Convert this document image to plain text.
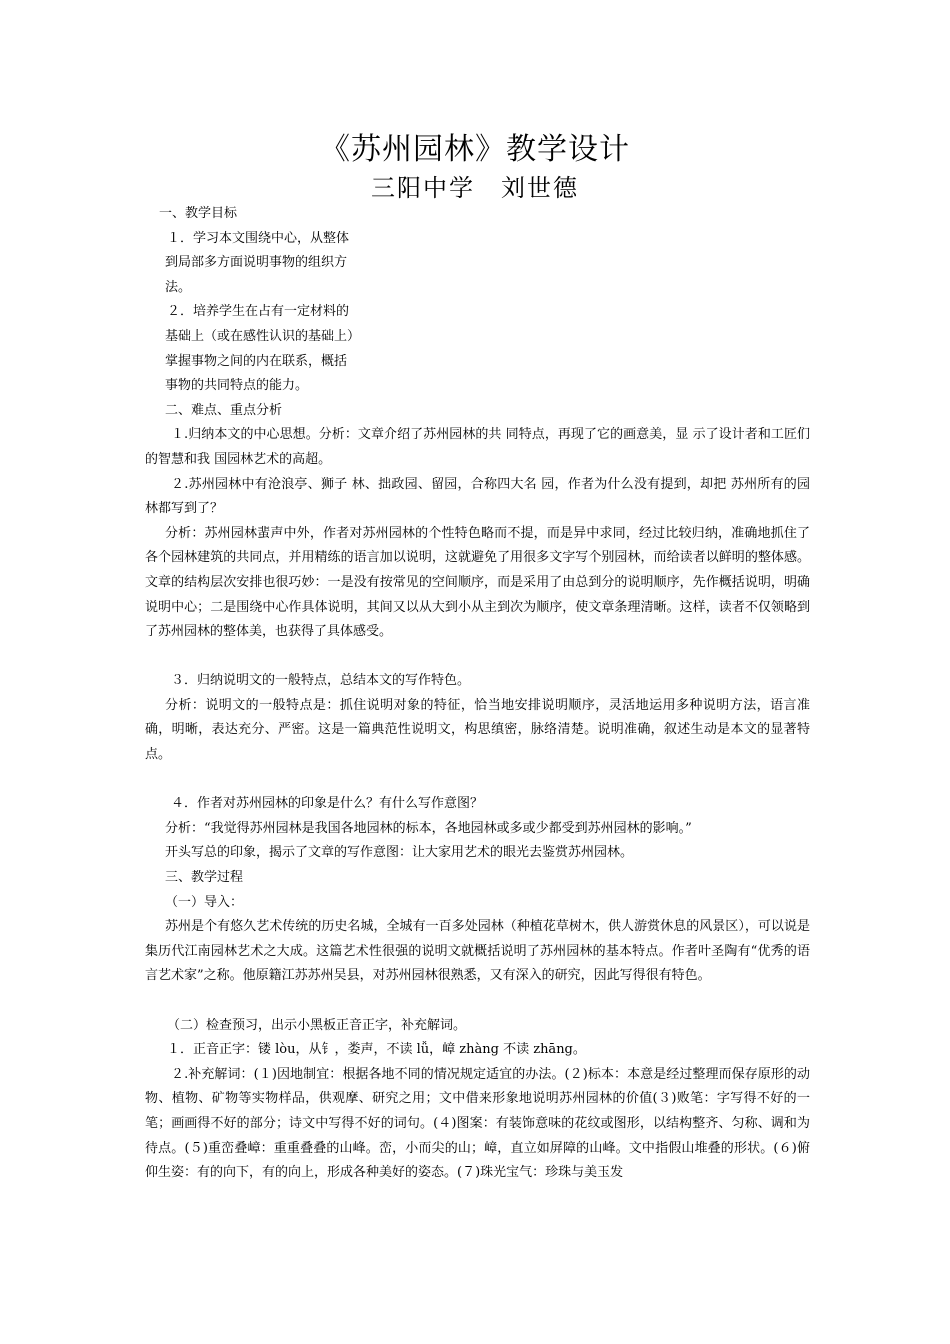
《苏州园林》教学设计
三阳中学　刘世德
一、教学目标
１．学习本文围绕中心，从整体
到局部多方面说明事物的组织方
法。
２．培养学生在占有一定材料的
基础上（或在感性认识的基础上）
掌握事物之间的内在联系，概括
事物的共同特点的能力。
二、难点、重点分析

１.归纳本文的中心思想。分析：文章介绍了苏州园林的共 同特点，再现了它的画意美，显 示了设计者和工匠们的智慧和我 国园林艺术的高超。

２.苏州园林中有沧浪亭、狮子 林、拙政园、留园，合称四大名 园，作者为什么没有提到，却把 苏州所有的园林都写到了？

分析：苏州园林蜚声中外，作者对苏州园林的个性特色略而不提，而是异中求同，经过比较归纳，准确地抓住了各个园林建筑的共同点，并用精练的语言加以说明，这就避免了用很多文字写个别园林，而给读者以鲜明的整体感。文章的结构层次安排也很巧妙：一是没有按常见的空间顺序，而是采用了由总到分的说明顺序，先作概括说明，明确说明中心；二是围绕中心作具体说明，其间又以从大到小从主到次为顺序，使文章条理清晰。这样，读者不仅领略到了苏州园林的整体美，也获得了具体感受。

３．归纳说明文的一般特点，总结本文的写作特色。

分析：说明文的一般特点是：抓住说明对象的特征，恰当地安排说明顺序，灵活地运用多种说明方法，语言准确，明晰，表达充分、严密。这是一篇典范性说明文，构思缜密，脉络清楚。说明准确，叙述生动是本文的显著特点。

４．作者对苏州园林的印象是什么？有什么写作意图？

分析：“我觉得苏州园林是我国各地园林的标本，各地园林或多或少都受到苏州园林的影响。”

开头写总的印象，揭示了文章的写作意图：让大家用艺术的眼光去鉴赏苏州园林。

三、教学过程
（一）导入：

苏州是个有悠久艺术传统的历史名城，全城有一百多处园林（种植花草树木，供人游赏休息的风景区），可以说是集历代江南园林艺术之大成。这篇艺术性很强的说明文就概括说明了苏州园林的基本特点。作者叶圣陶有“优秀的语言艺术家”之称。他原籍江苏苏州吴县，对苏州园林很熟悉，又有深入的研究，因此写得很有特色。

（二）检查预习，出示小黑板正音正字，补充解词。

１．正音正字：镂 lòu，从钅，娄声，不读 lǚ，嶂 zhàng 不读 zhāng。

２.补充解词：(１)因地制宜：根据各地不同的情况规定适宜的办法。(２)标本：本意是经过整理而保存原形的动物、植物、矿物等实物样品，供观摩、研究之用；文中借来形象地说明苏州园林的价值(３)败笔：字写得不好的一笔；画画得不好的部分；诗文中写得不好的词句。(４)图案：有装饰意味的花纹或图形，以结构整齐、匀称、调和为待点。(５)重峦叠嶂：重重叠叠的山峰。峦，小而尖的山；嶂，直立如屏障的山峰。文中指假山堆叠的形状。(６)俯仰生姿：有的向下，有的向上，形成各种美好的姿态。(７)珠光宝气：珍珠与美玉发
